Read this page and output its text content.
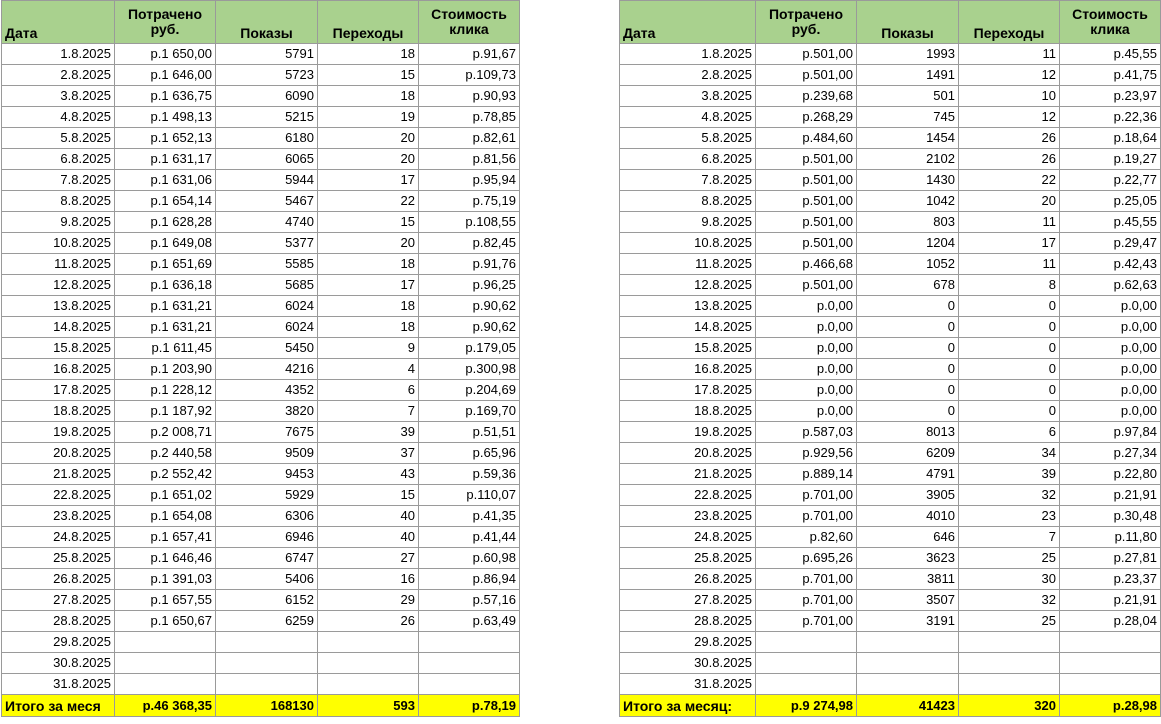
Дата	Потрачено руб.	Показы	Переходы	Стоимость клика
1.8.2025	р.1 650,00	5791	18	р.91,67
2.8.2025	р.1 646,00	5723	15	р.109,73
3.8.2025	р.1 636,75	6090	18	р.90,93
4.8.2025	р.1 498,13	5215	19	р.78,85
5.8.2025	р.1 652,13	6180	20	р.82,61
6.8.2025	р.1 631,17	6065	20	р.81,56
7.8.2025	р.1 631,06	5944	17	р.95,94
8.8.2025	р.1 654,14	5467	22	р.75,19
9.8.2025	р.1 628,28	4740	15	р.108,55
10.8.2025	р.1 649,08	5377	20	р.82,45
11.8.2025	р.1 651,69	5585	18	р.91,76
12.8.2025	р.1 636,18	5685	17	р.96,25
13.8.2025	р.1 631,21	6024	18	р.90,62
14.8.2025	р.1 631,21	6024	18	р.90,62
15.8.2025	р.1 611,45	5450	9	р.179,05
16.8.2025	р.1 203,90	4216	4	р.300,98
17.8.2025	р.1 228,12	4352	6	р.204,69
18.8.2025	р.1 187,92	3820	7	р.169,70
19.8.2025	р.2 008,71	7675	39	р.51,51
20.8.2025	р.2 440,58	9509	37	р.65,96
21.8.2025	р.2 552,42	9453	43	р.59,36
22.8.2025	р.1 651,02	5929	15	р.110,07
23.8.2025	р.1 654,08	6306	40	р.41,35
24.8.2025	р.1 657,41	6946	40	р.41,44
25.8.2025	р.1 646,46	6747	27	р.60,98
26.8.2025	р.1 391,03	5406	16	р.86,94
27.8.2025	р.1 657,55	6152	29	р.57,16
28.8.2025	р.1 650,67	6259	26	р.63,49
29.8.2025				
30.8.2025				
31.8.2025				
Итого за меся	р.46 368,35	168130	593	р.78,19
Дата	Потрачено руб.	Показы	Переходы	Стоимость клика
1.8.2025	р.501,00	1993	11	р.45,55
2.8.2025	р.501,00	1491	12	р.41,75
3.8.2025	р.239,68	501	10	р.23,97
4.8.2025	р.268,29	745	12	р.22,36
5.8.2025	р.484,60	1454	26	р.18,64
6.8.2025	р.501,00	2102	26	р.19,27
7.8.2025	р.501,00	1430	22	р.22,77
8.8.2025	р.501,00	1042	20	р.25,05
9.8.2025	р.501,00	803	11	р.45,55
10.8.2025	р.501,00	1204	17	р.29,47
11.8.2025	р.466,68	1052	11	р.42,43
12.8.2025	р.501,00	678	8	р.62,63
13.8.2025	р.0,00	0	0	р.0,00
14.8.2025	р.0,00	0	0	р.0,00
15.8.2025	р.0,00	0	0	р.0,00
16.8.2025	р.0,00	0	0	р.0,00
17.8.2025	р.0,00	0	0	р.0,00
18.8.2025	р.0,00	0	0	р.0,00
19.8.2025	р.587,03	8013	6	р.97,84
20.8.2025	р.929,56	6209	34	р.27,34
21.8.2025	р.889,14	4791	39	р.22,80
22.8.2025	р.701,00	3905	32	р.21,91
23.8.2025	р.701,00	4010	23	р.30,48
24.8.2025	р.82,60	646	7	р.11,80
25.8.2025	р.695,26	3623	25	р.27,81
26.8.2025	р.701,00	3811	30	р.23,37
27.8.2025	р.701,00	3507	32	р.21,91
28.8.2025	р.701,00	3191	25	р.28,04
29.8.2025				
30.8.2025				
31.8.2025				
Итого за месяц:	р.9 274,98	41423	320	р.28,98
